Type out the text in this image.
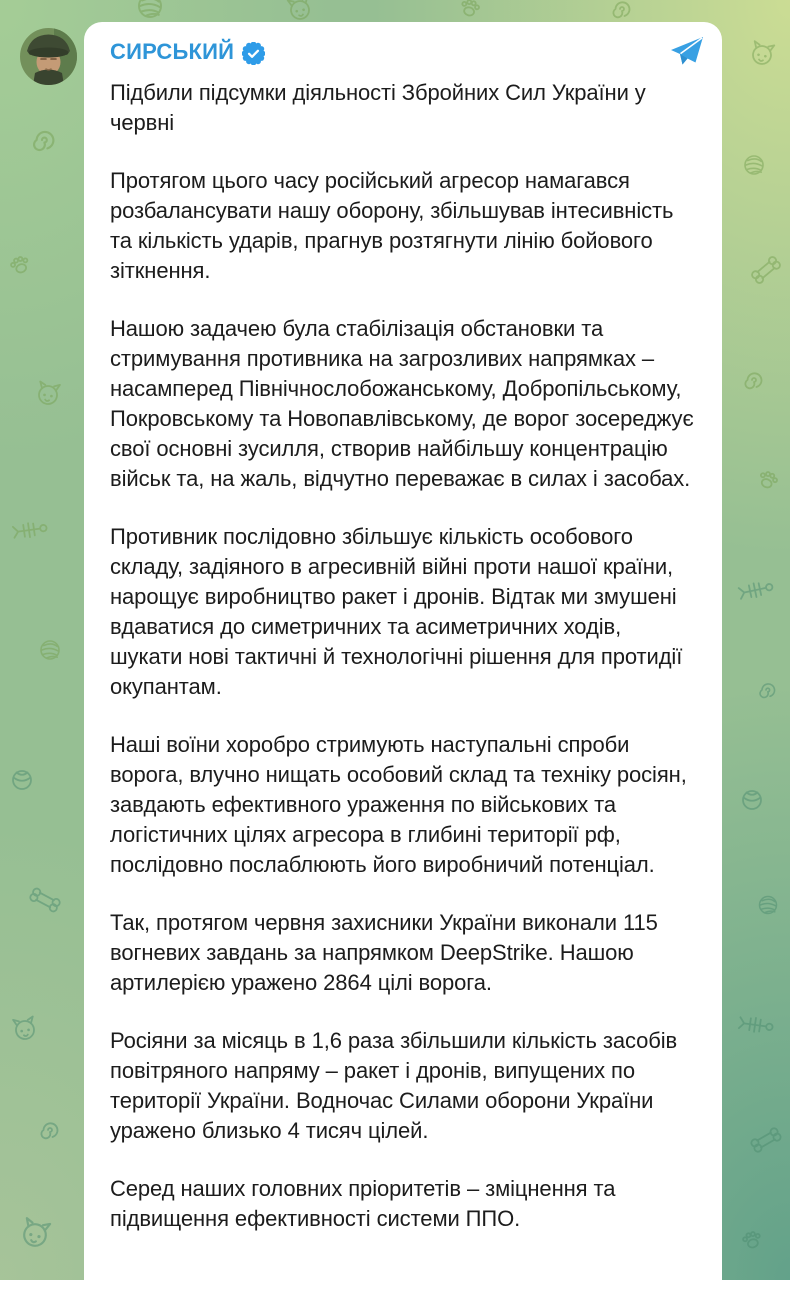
СИРСЬКИЙ

Підбили підсумки діяльності Збройних Сил України у червні

Протягом цього часу російський агресор намагався розбалансувати нашу оборону, збільшував інтесивність та кількість ударів, прагнув розтягнути лінію бойового зіткнення.

Нашою задачею була стабілізація обстановки та стримування противника на загрозливих напрямках – насамперед Північнослобожанському, Добропільському, Покровському та Новопавлівському, де ворог зосереджує свої основні зусилля, створив найбільшу концентрацію військ та, на жаль, відчутно переважає в силах і засобах.

Противник послідовно збільшує кількість особового складу, задіяного в агресивній війні проти нашої країни, нарощує виробництво ракет і дронів. Відтак ми змушені вдаватися до симетричних та асиметричних ходів, шукати нові тактичні й технологічні рішення для протидії окупантам.

Наші воїни хоробро стримують наступальні спроби ворога, влучно нищать особовий склад та техніку росіян, завдають ефективного ураження по військових та логістичних цілях агресора в глибині території рф, послідовно послаблюють його виробничий потенціал.

Так, протягом червня захисники України виконали 115 вогневих завдань за напрямком DeepStrike. Нашою артилерією уражено 2864 цілі ворога.

Росіяни за місяць в 1,6 раза збільшили кількість засобів повітряного напряму – ракет і дронів, випущених по території України. Водночас Силами оборони України уражено близько 4 тисяч цілей.

Серед наших головних пріоритетів – зміцнення та підвищення ефективності системи ППО.
